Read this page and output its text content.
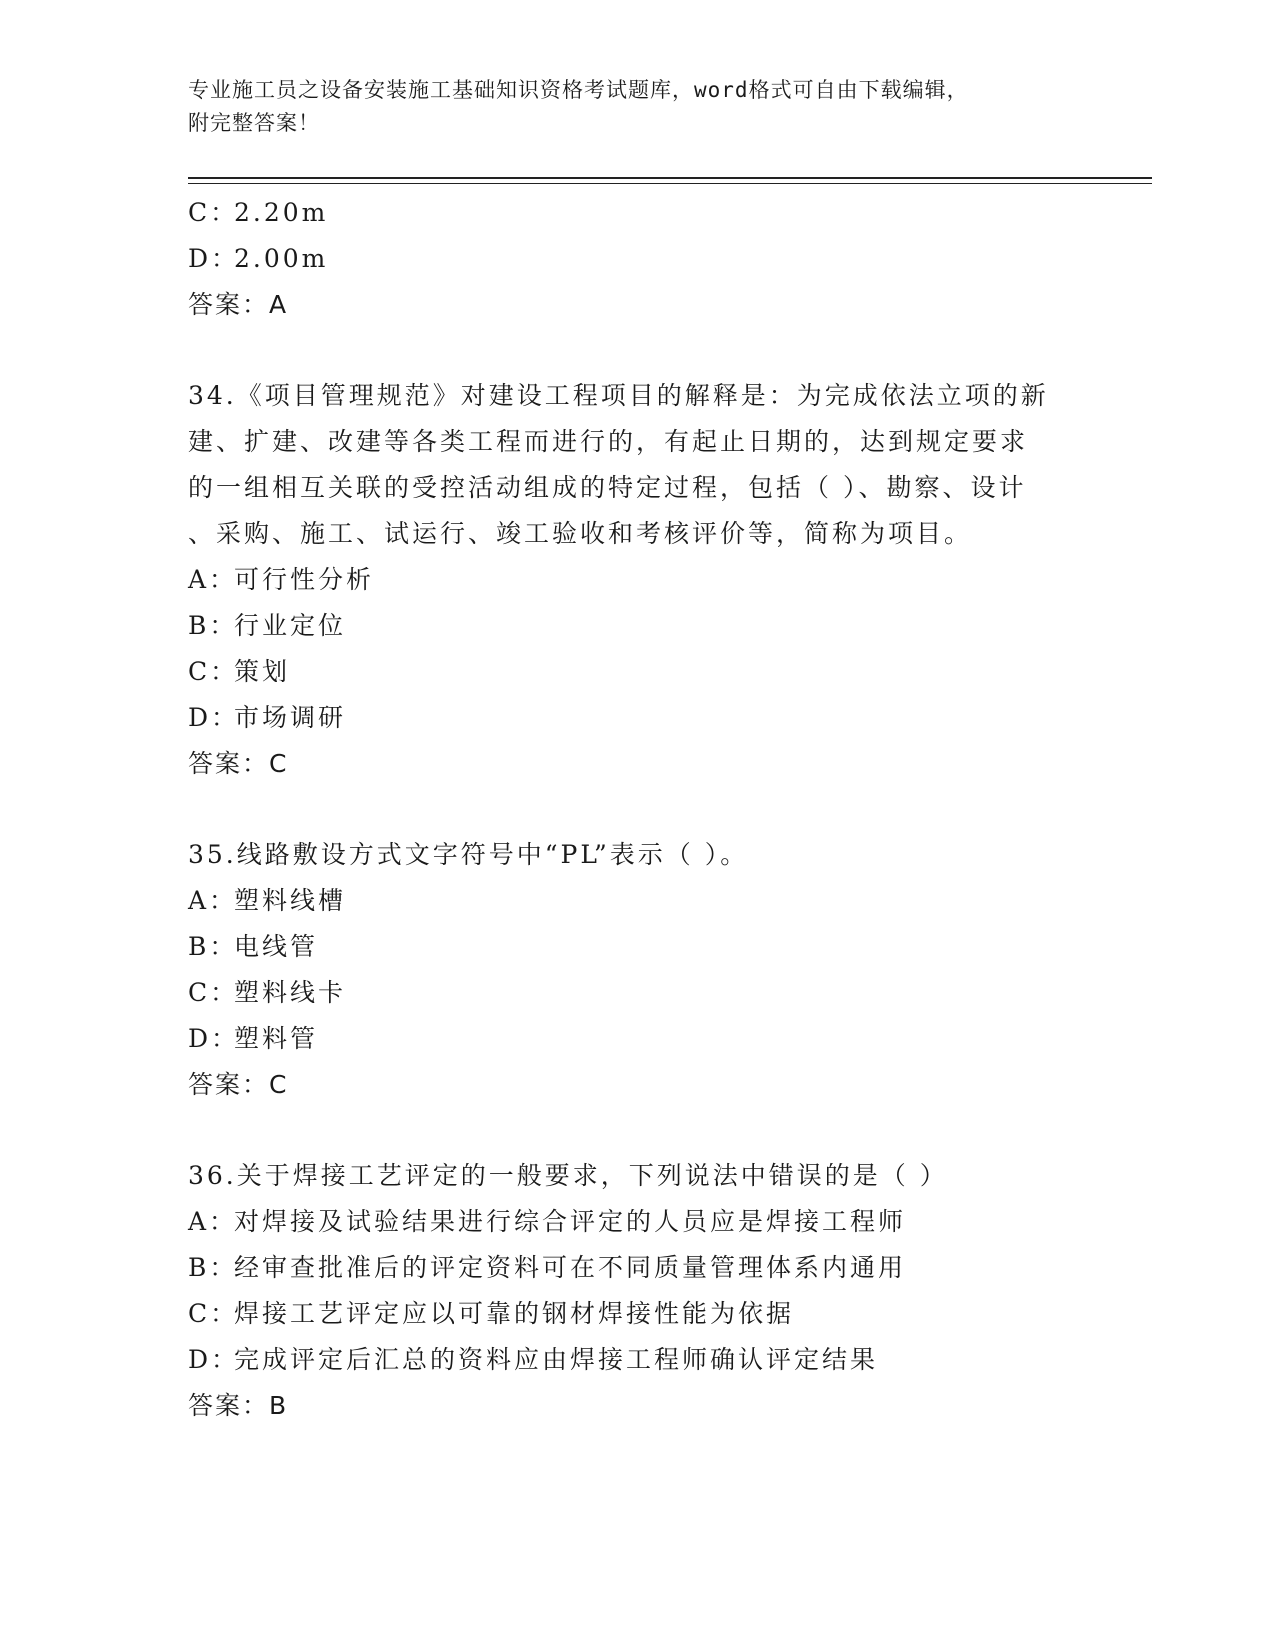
专业施工员之设备安装施工基础知识资格考试题库，word格式可自由下载编辑，
附完整答案！
C：2.20m
D：2.00m
答案：A
34.《项目管理规范》对建设工程项目的解释是：为完成依法立项的新
建、扩建、改建等各类工程而进行的，有起止日期的，达到规定要求
的一组相互关联的受控活动组成的特定过程，包括（ ）、勘察、设计
、采购、施工、试运行、竣工验收和考核评价等，简称为项目。
A：可行性分析
B：行业定位
C：策划
D：市场调研
答案：C
35.线路敷设方式文字符号中“PL”表示（ ）。
A：塑料线槽
B：电线管
C：塑料线卡
D：塑料管
答案：C
36.关于焊接工艺评定的一般要求，下列说法中错误的是（ ）
A：对焊接及试验结果进行综合评定的人员应是焊接工程师
B：经审查批准后的评定资料可在不同质量管理体系内通用
C：焊接工艺评定应以可靠的钢材焊接性能为依据
D：完成评定后汇总的资料应由焊接工程师确认评定结果
答案：B
